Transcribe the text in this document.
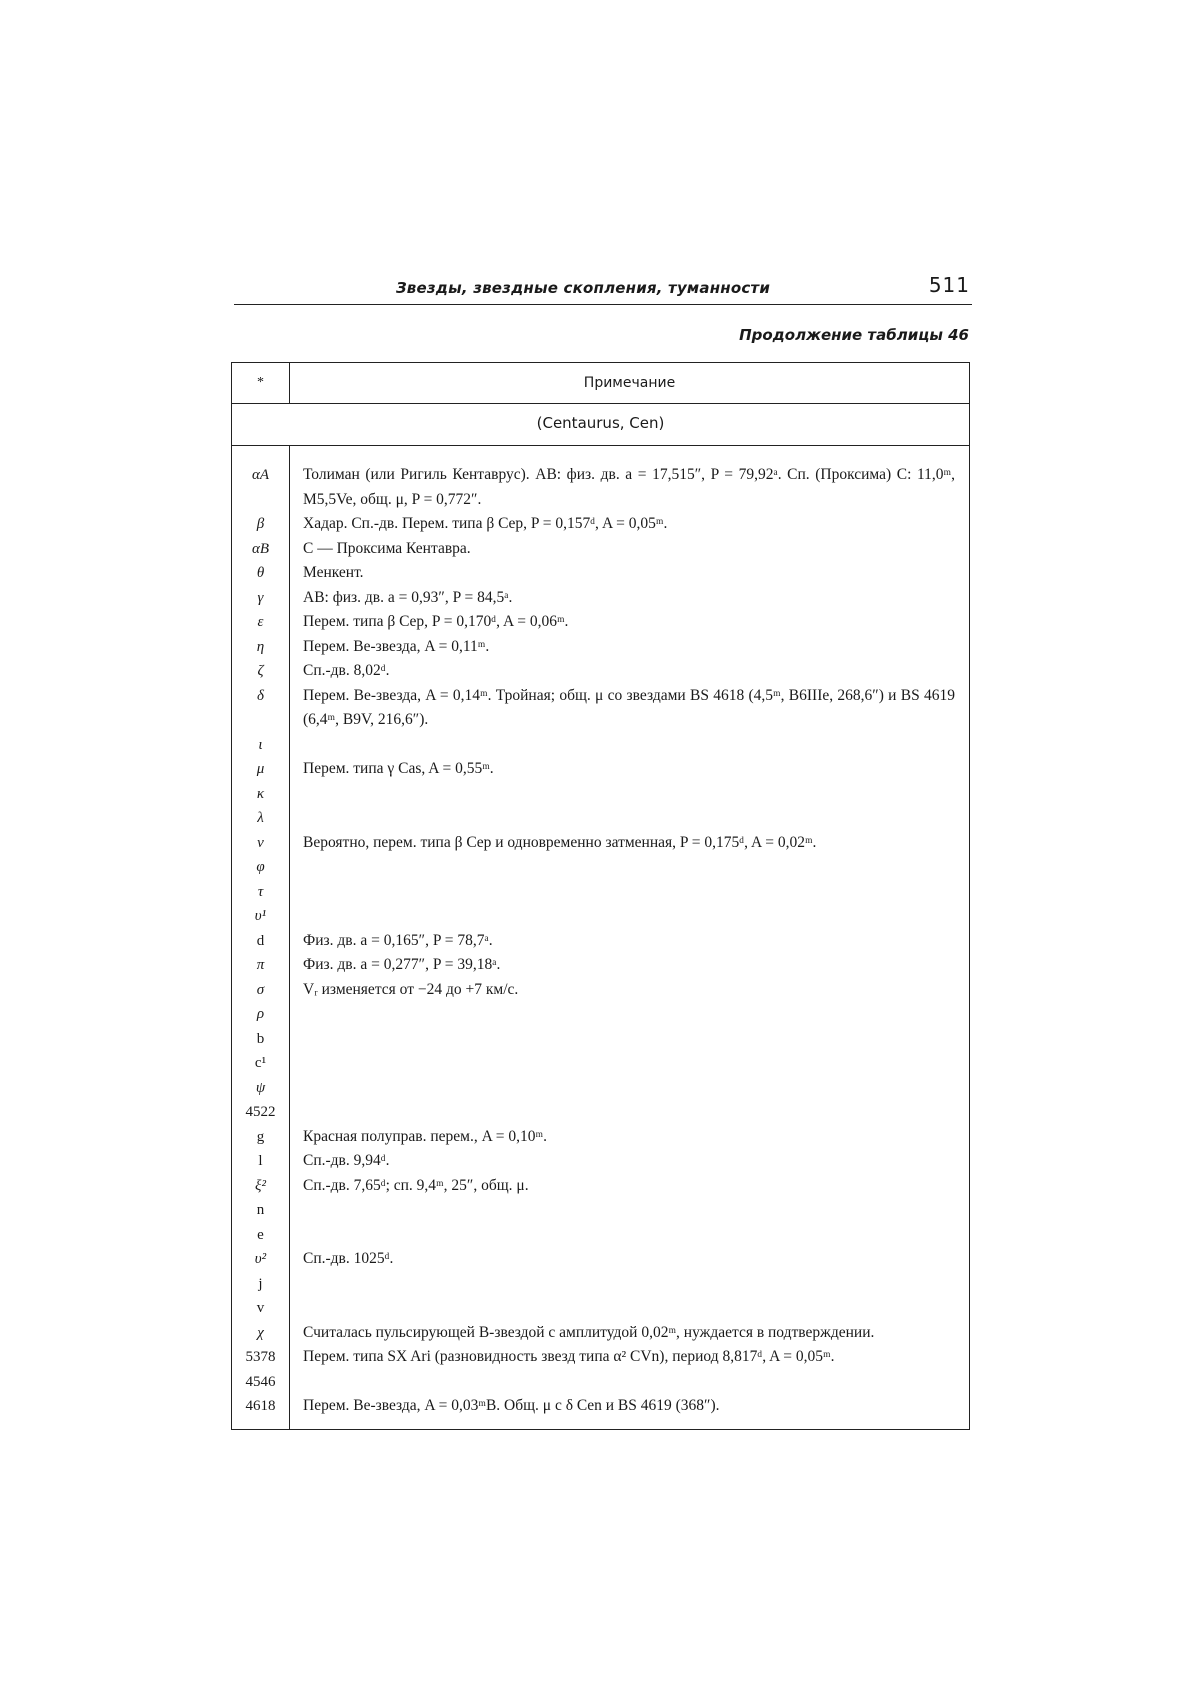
Звезды, звездные скопления, туманности	511
Продолжение таблицы 46
*	Примечание
(Centaurus, Cen)
αA	Толиман (или Ригиль Кентаврус). AB: физ. дв. a = 17,515″, P = 79,92ᵃ. Сп. (Проксима) C: 11,0ᵐ, M5,5Ve, общ. μ, P = 0,772″.
β	Хадар. Сп.-дв. Перем. типа β Cep, P = 0,157ᵈ, A = 0,05ᵐ.
αB	С — Проксима Кентавра.
θ	Менкент.
γ	AB: физ. дв. a = 0,93″, P = 84,5ᵃ.
ε	Перем. типа β Cep, P = 0,170ᵈ, A = 0,06ᵐ.
η	Перем. Be-звезда, A = 0,11ᵐ.
ζ	Сп.-дв. 8,02ᵈ.
δ	Перем. Be-звезда, A = 0,14ᵐ. Тройная; общ. μ со звездами BS 4618 (4,5ᵐ, B6IIIe, 268,6″) и BS 4619 (6,4ᵐ, B9V, 216,6″).
ι

μ	Перем. типа γ Cas, A = 0,55ᵐ.
κ

λ

ν	Вероятно, перем. типа β Cep и одновременно затменная, P = 0,175ᵈ, A = 0,02ᵐ.
φ

τ

υ¹

d	Физ. дв. a = 0,165″, P = 78,7ᵃ.
π	Физ. дв. a = 0,277″, P = 39,18ᵃ.
σ	Vᵣ изменяется от −24 до +7 км/с.
ρ

b

c¹

ψ

4522

g	Красная полуправ. перем., A = 0,10ᵐ.
l	Сп.-дв. 9,94ᵈ.
ξ²	Сп.-дв. 7,65ᵈ; сп. 9,4ᵐ, 25″, общ. μ.
n

e

υ²	Сп.-дв. 1025ᵈ.
j

v

χ	Считалась пульсирующей B-звездой с амплитудой 0,02ᵐ, нуждается в подтверждении.
5378	Перем. типа SX Ari (разновидность звезд типа α² CVn), период 8,817ᵈ, A = 0,05ᵐ.
4546

4618	Перем. Be-звезда, A = 0,03ᵐB. Общ. μ с δ Cen и BS 4619 (368″).
